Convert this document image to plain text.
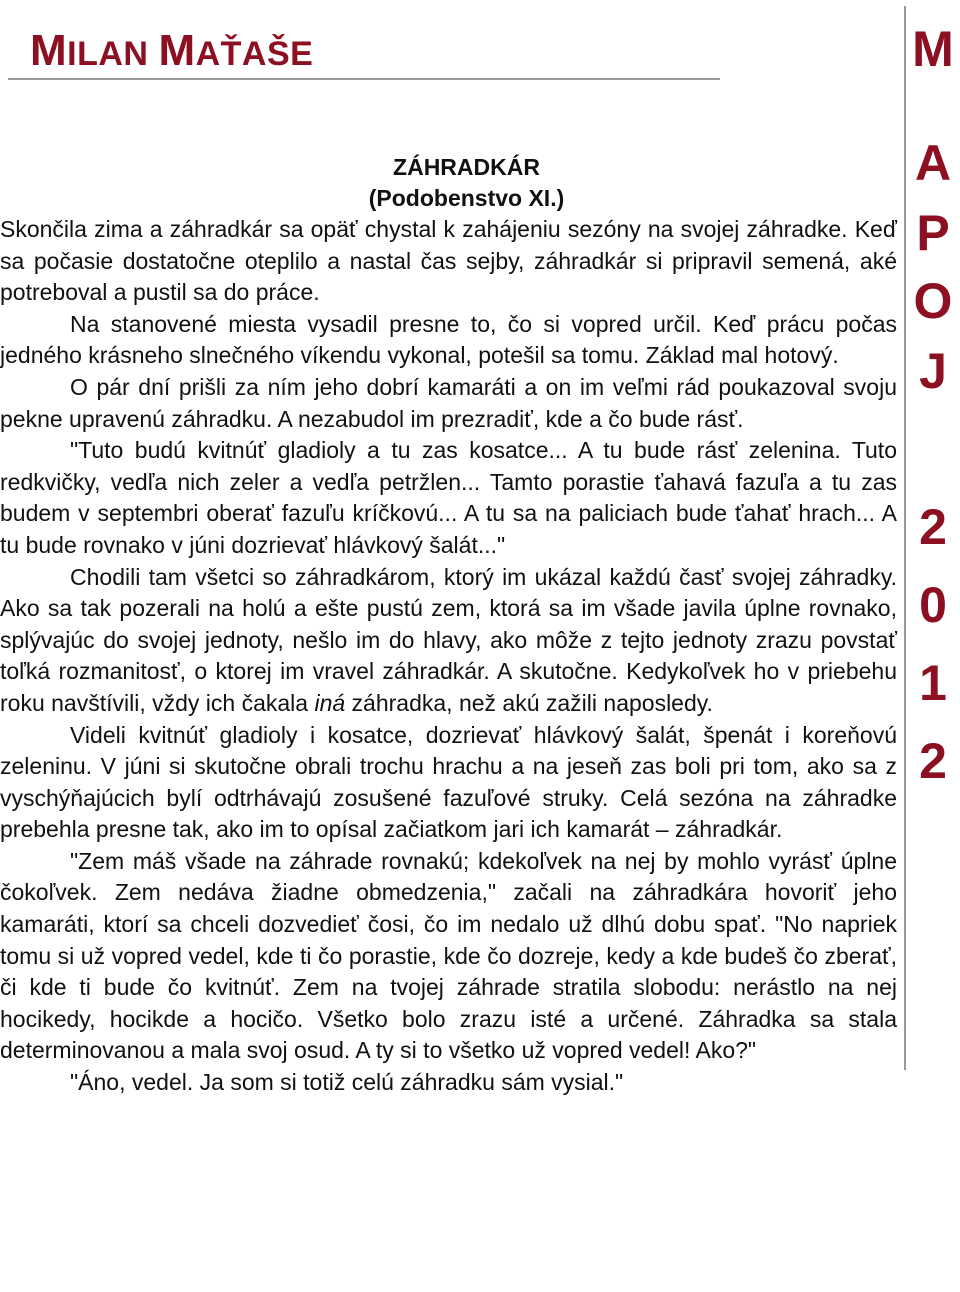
MILAN MAŤAŠE	M
A
P
O
J
2
0
1
2
ZÁHRADKÁR
(Podobenstvo XI.)

Skončila zima a záhradkár sa opäť chystal k zahájeniu sezóny na svojej záhradke. Keď sa počasie dostatočne oteplilo a nastal čas sejby, záhradkár si pripravil semená, aké potreboval a pustil sa do práce.

Na stanovené miesta vysadil presne to, čo si vopred určil. Keď prácu počas jedného krásneho slnečného víkendu vykonal, potešil sa tomu. Základ mal hotový.

O pár dní prišli za ním jeho dobrí kamaráti a on im veľmi rád poukazoval svoju pekne upravenú záhradku. A nezabudol im prezradiť, kde a čo bude rásť.

"Tuto budú kvitnúť gladioly a tu zas kosatce... A tu bude rásť zelenina. Tuto redkvičky, vedľa nich zeler a vedľa petržlen... Tamto porastie ťahavá fazuľa a tu zas budem v septembri oberať fazuľu kríčkovú... A tu sa na paliciach bude ťahať hrach... A tu bude rovnako v júni dozrievať hlávkový šalát..."

Chodili tam všetci so záhradkárom, ktorý im ukázal každú časť svojej záhradky. Ako sa tak pozerali na holú a ešte pustú zem, ktorá sa im všade javila úplne rovnako, splývajúc do svojej jednoty, nešlo im do hlavy, ako môže z tejto jednoty zrazu povstať toľká rozmanitosť, o ktorej im vravel záhradkár. A skutočne. Kedykoľvek ho v priebehu roku navštívili, vždy ich čakala iná záhradka, než akú zažili naposledy.

Videli kvitnúť gladioly i kosatce, dozrievať hlávkový šalát, špenát i koreňovú zeleninu. V júni si skutočne obrali trochu hrachu a na jeseň zas boli pri tom, ako sa z vyschýňajúcich bylí odtrhávajú zosušené fazuľové struky. Celá sezóna na záhradke prebehla presne tak, ako im to opísal začiatkom jari ich kamarát – záhradkár.

"Zem máš všade na záhrade rovnakú; kdekoľvek na nej by mohlo vyrásť úplne čokoľvek. Zem nedáva žiadne obmedzenia," začali na záhradkára hovoriť jeho kamaráti, ktorí sa chceli dozvedieť čosi, čo im nedalo už dlhú dobu spať. "No napriek tomu si už vopred vedel, kde ti čo porastie, kde čo dozreje, kedy a kde budeš čo zberať, či kde ti bude čo kvitnúť. Zem na tvojej záhrade stratila slobodu: nerástlo na nej hocikedy, hocikde a hocičo. Všetko bolo zrazu isté a určené. Záhradka sa stala determinovanou a mala svoj osud. A ty si to všetko už vopred vedel! Ako?"

"Áno, vedel. Ja som si totiž celú záhradku sám vysial."
